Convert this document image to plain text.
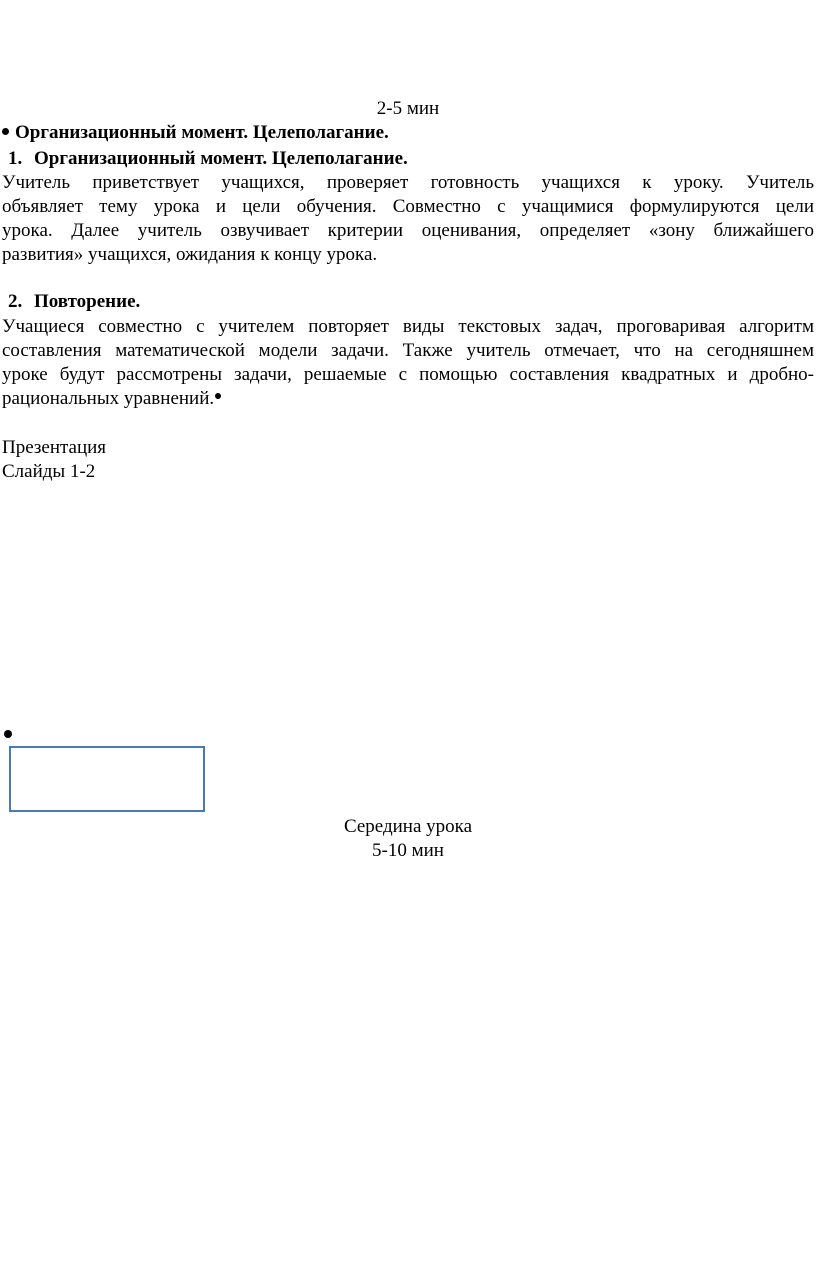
2-5 мин
Организационный момент. Целеполагание.
1. Организационный момент. Целеполагание.
Учитель приветствует учащихся, проверяет готовность учащихся к уроку. Учитель
объявляет тему урока и цели обучения. Совместно с учащимися формулируются цели
урока. Далее учитель озвучивает критерии оценивания, определяет «зону ближайшего
развития» учащихся, ожидания к концу урока.
2. Повторение.
Учащиеся совместно с учителем повторяет виды текстовых задач, проговаривая алгоритм
составления математической модели задачи. Также учитель отмечает, что на сегодняшнем
уроке будут рассмотрены задачи, решаемые с помощью составления квадратных и дробно-
рациональных уравнений.
Презентация
Слайды 1-2
Середина урока
5-10 мин
